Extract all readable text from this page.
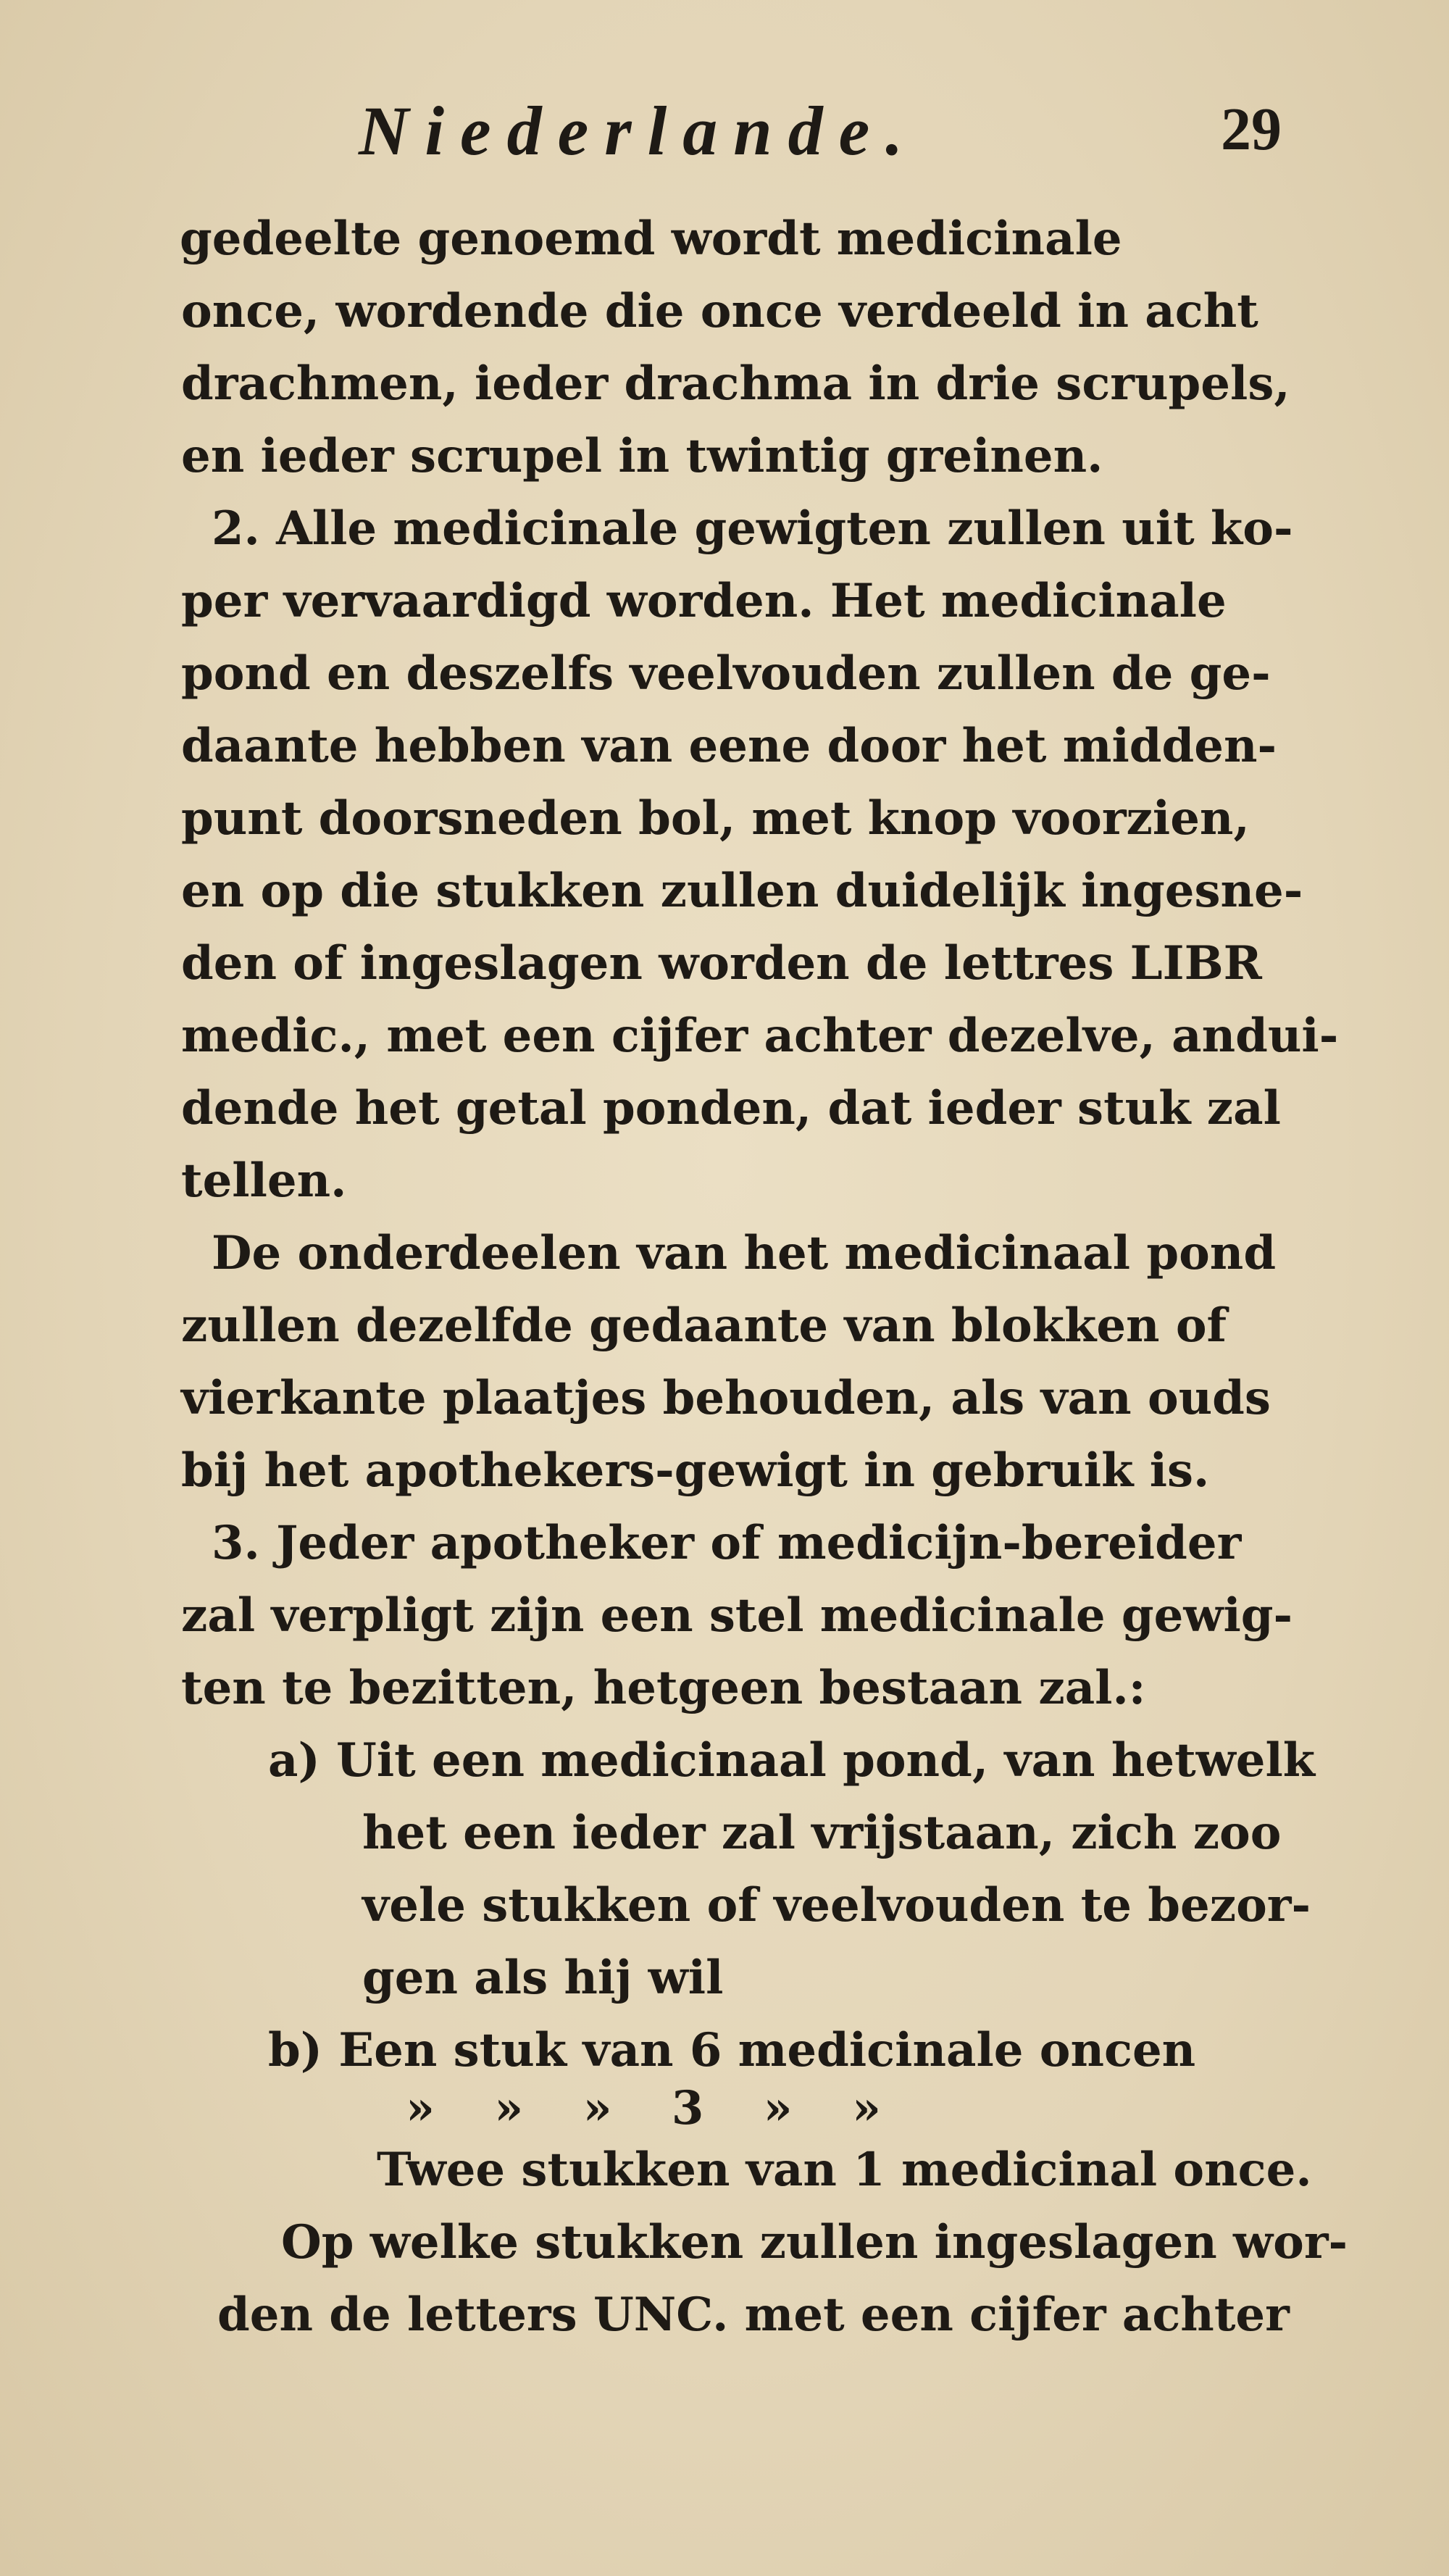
Niederlande.	29
gedeelte genoemd wordt medicinale
once, wordende die once verdeeld in acht
drachmen, ieder drachma in drie scrupels,
en ieder scrupel in twintig greinen.
2. Alle medicinale gewigten zullen uit ko-
per vervaardigd worden. Het medicinale
pond en deszelfs veelvouden zullen de ge-
daante hebben van eene door het midden-
punt doorsneden bol, met knop voorzien,
en op die stukken zullen duidelijk ingesne-
den of ingeslagen worden de lettres LIBR
medic., met een cijfer achter dezelve, andui-
dende het getal ponden, dat ieder stuk zal
tellen.
De onderdeelen van het medicinaal pond
zullen dezelfde gedaante van blokken of
vierkante plaatjes behouden, als van ouds
bij het apothekers-gewigt in gebruik is.
3. Jeder apotheker of medicijn-bereider
zal verpligt zijn een stel medicinale gewig-
ten te bezitten, hetgeen bestaan zal.:
a) Uit een medicinaal pond, van hetwelk
het een ieder zal vrijstaan, zich zoo
vele stukken of veelvouden te bezor-
gen als hij wil
b) Een stuk van 6 medicinale oncen
» » » 3 » »
Twee stukken van 1 medicinal once.
Op welke stukken zullen ingeslagen wor-
den de letters UNC. met een cijfer achter
